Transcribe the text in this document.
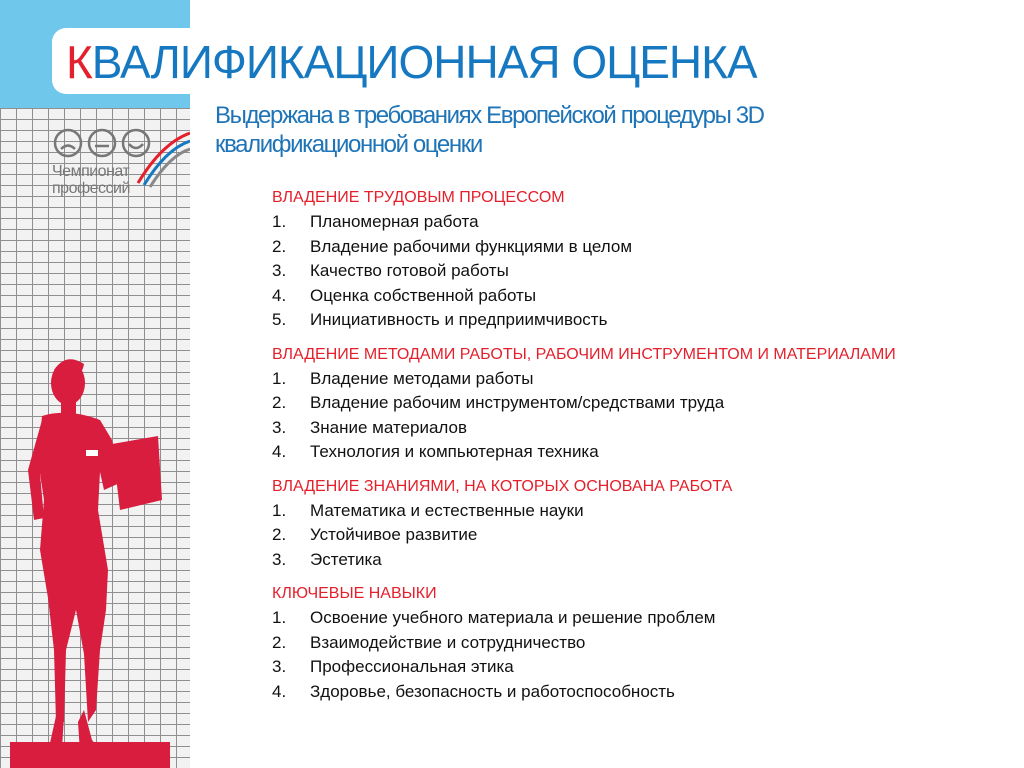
Чемпионат
профессий
КВАЛИФИКАЦИОННАЯ ОЦЕНКА
Выдержана в требованиях Европейской процедуры 3D квалификационной оценки
ВЛАДЕНИЕ ТРУДОВЫМ ПРОЦЕССОМ
1. Планомерная работа
2. Владение рабочими функциями в целом
3. Качество готовой работы
4. Оценка собственной работы
5. Инициативность и предприимчивость
ВЛАДЕНИЕ МЕТОДАМИ РАБОТЫ, РАБОЧИМ ИНСТРУМЕНТОМ И МАТЕРИАЛАМИ
1. Владение методами работы
2. Владение рабочим инструментом/средствами труда
3. Знание материалов
4. Технология и компьютерная техника
ВЛАДЕНИЕ ЗНАНИЯМИ, НА КОТОРЫХ ОСНОВАНА РАБОТА
1. Математика и естественные науки
2. Устойчивое развитие
3. Эстетика
КЛЮЧЕВЫЕ НАВЫКИ
1. Освоение учебного материала и решение проблем
2. Взаимодействие и сотрудничество
3. Профессиональная этика
4. Здоровье, безопасность и работоспособность
